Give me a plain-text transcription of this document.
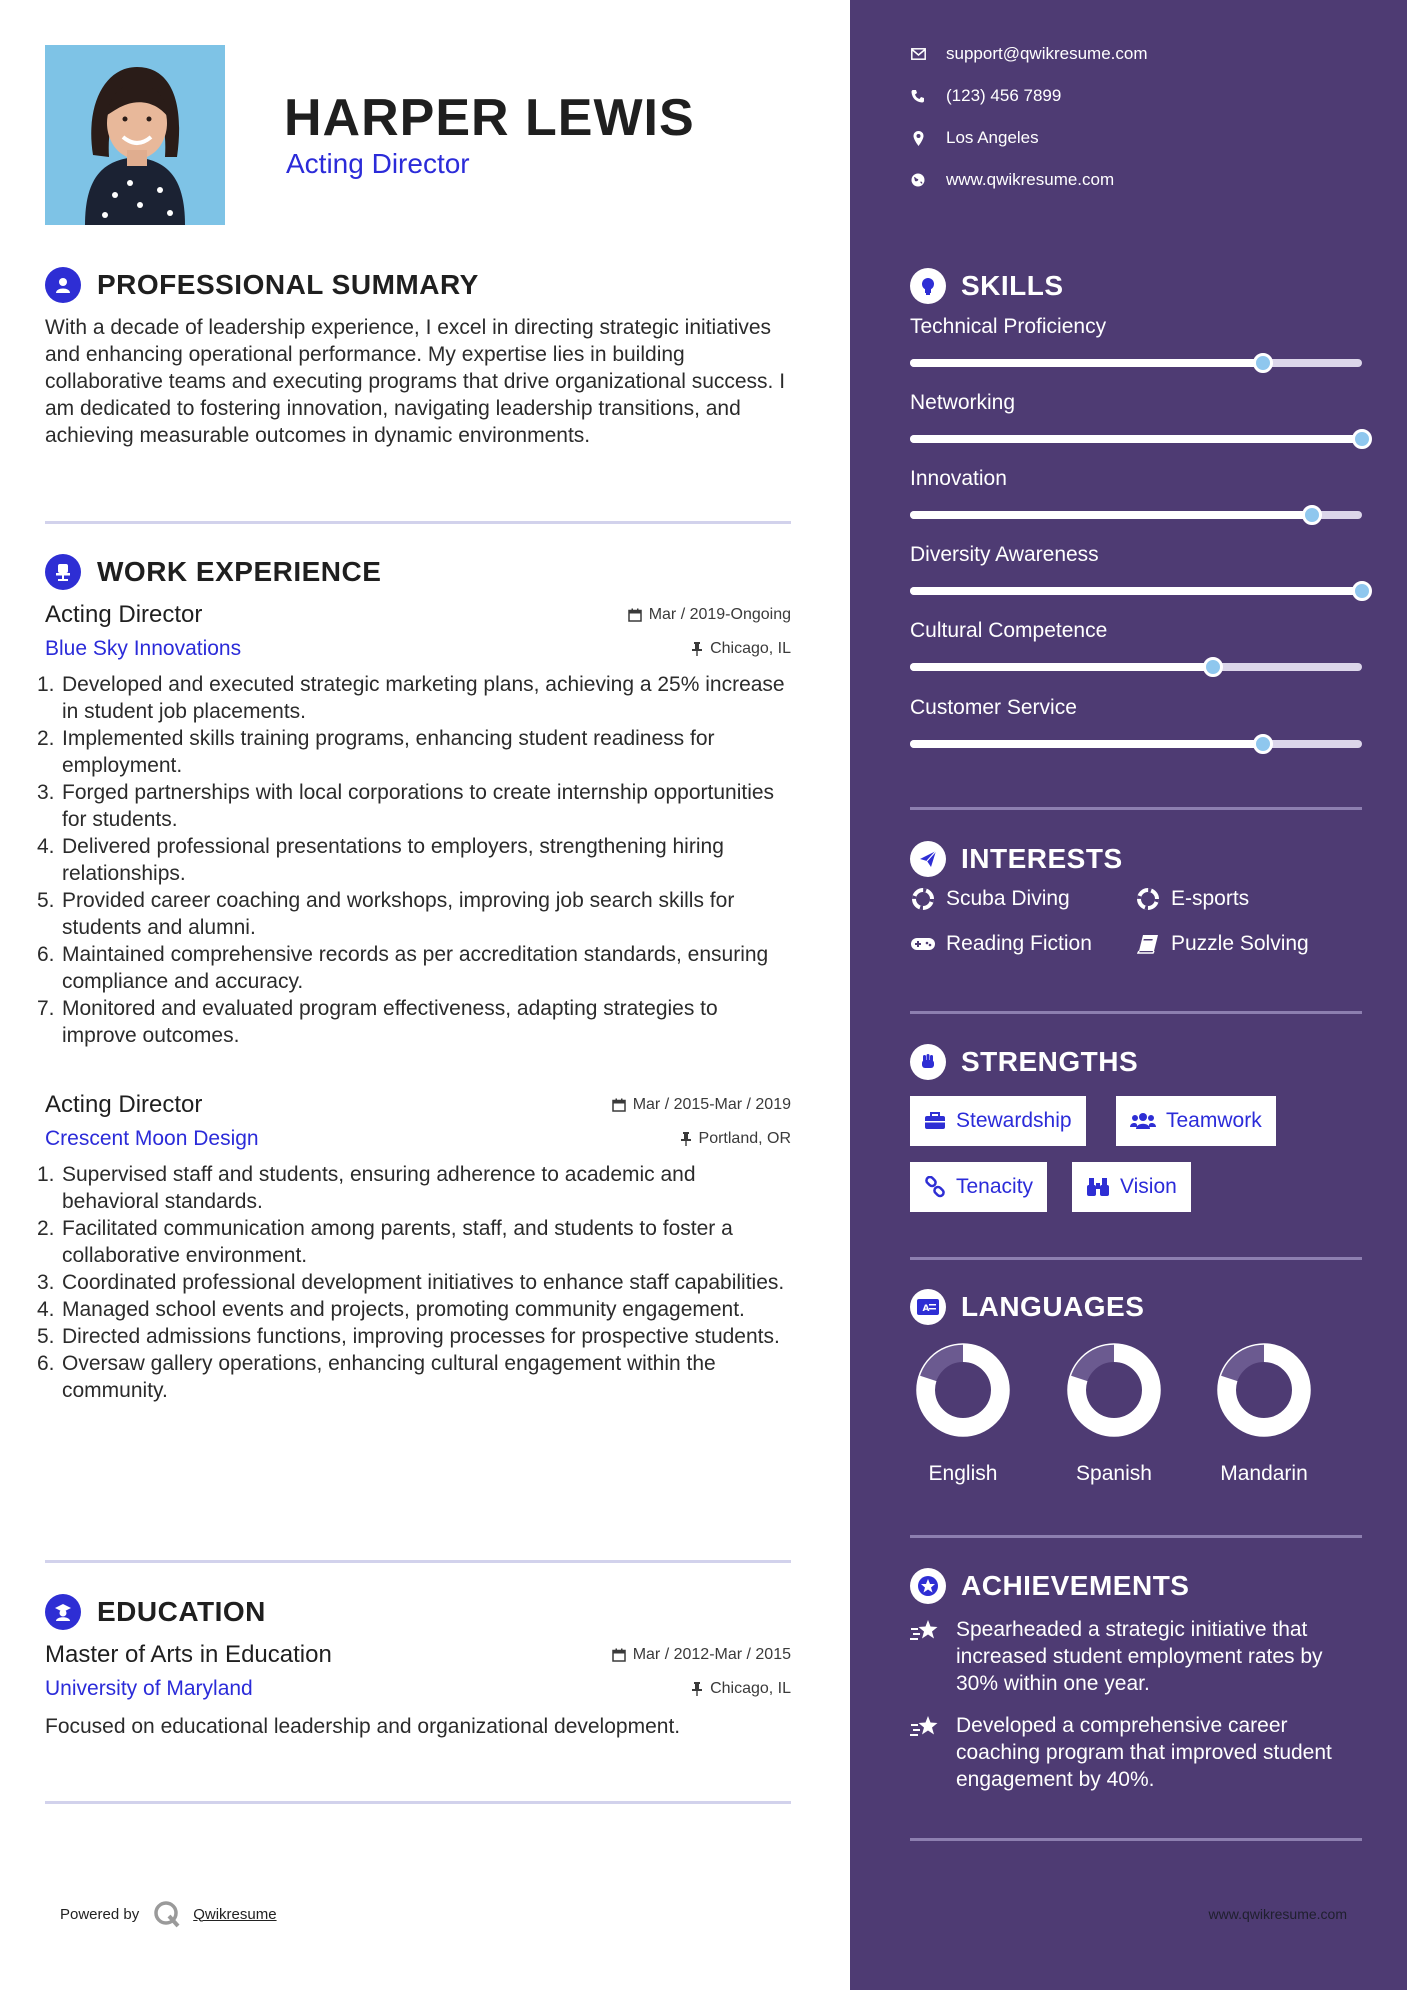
HARPER LEWIS
Acting Director
PROFESSIONAL SUMMARY
With a decade of leadership experience, I excel in directing strategic initiatives and enhancing operational performance. My expertise lies in building collaborative teams and executing programs that drive organizational success. I am dedicated to fostering innovation, navigating leadership transitions, and achieving measurable outcomes in dynamic environments.
WORK EXPERIENCE
Acting Director	Mar / 2019-Ongoing
Blue Sky Innovations	Chicago, IL
1. Developed and executed strategic marketing plans, achieving a 25% increase in student job placements.
2. Implemented skills training programs, enhancing student readiness for employment.
3. Forged partnerships with local corporations to create internship opportunities for students.
4. Delivered professional presentations to employers, strengthening hiring relationships.
5. Provided career coaching and workshops, improving job search skills for students and alumni.
6. Maintained comprehensive records as per accreditation standards, ensuring compliance and accuracy.
7. Monitored and evaluated program effectiveness, adapting strategies to improve outcomes.
Acting Director	Mar / 2015-Mar / 2019
Crescent Moon Design	Portland, OR
1. Supervised staff and students, ensuring adherence to academic and behavioral standards.
2. Facilitated communication among parents, staff, and students to foster a collaborative environment.
3. Coordinated professional development initiatives to enhance staff capabilities.
4. Managed school events and projects, promoting community engagement.
5. Directed admissions functions, improving processes for prospective students.
6. Oversaw gallery operations, enhancing cultural engagement within the community.
EDUCATION
Master of Arts in Education	Mar / 2012-Mar / 2015
University of Maryland	Chicago, IL
Focused on educational leadership and organizational development.
Powered by	Qwikresume
support@qwikresume.com
(123) 456 7899
Los Angeles
www.qwikresume.com
SKILLS
Technical Proficiency
Networking
Innovation
Diversity Awareness
Cultural Competence
Customer Service
INTERESTS
Scuba Diving	E-sports
Reading Fiction	Puzzle Solving
STRENGTHS
Stewardship	Teamwork
Tenacity	Vision
A LANGUAGES
English	Spanish	Mandarin
ACHIEVEMENTS
Spearheaded a strategic initiative that increased student employment rates by 30% within one year.
Developed a comprehensive career coaching program that improved student engagement by 40%.
www.qwikresume.com
